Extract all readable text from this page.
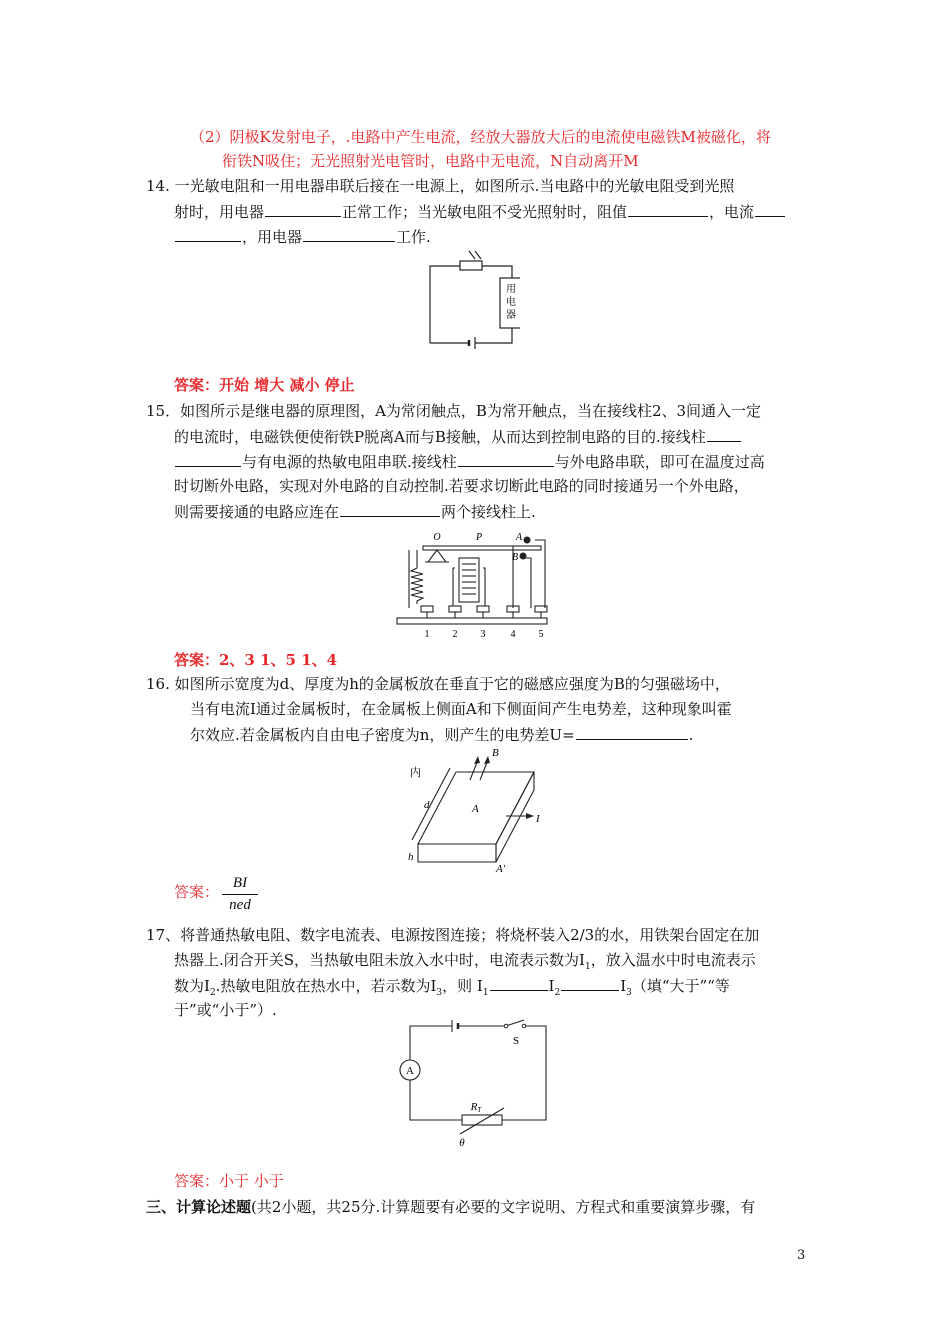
（2）阴极K发射电子，.电路中产生电流，经放大器放大后的电流使电磁铁M被磁化，将
衔铁N吸住；无光照射光电管时，电路中无电流，N自动离开M
14. 一光敏电阻和一用电器串联后接在一电源上，如图所示.当电路中的光敏电阻受到光照
射时，用电器	正常工作；当光敏电阻不受光照射时，阻值	，电流
，用电器	工作.
用
电
器
答案：开始 增大 减小 停止
15．如图所示是继电器的原理图，A为常闭触点，B为常开触点，当在接线柱2、3间通入一定
的电流时，电磁铁便使衔铁P脱离A而与B接触，从而达到控制电路的目的.接线柱
与有电源的热敏电阻串联.接线柱	与外电路串联，即可在温度过高
时切断外电路，实现对外电路的自动控制.若要求切断此电路的同时接通另一个外电路，
则需要接通的电路应连在	两个接线柱上.
O	P	A
B
1 2 3	4 5
答案：2、3 1、5 1、4
16. 如图所示宽度为d、厚度为h的金属板放在垂直于它的磁感应强度为B的匀强磁场中，
当有电流I通过金属板时，在金属板上侧面A和下侧面间产生电势差，这种现象叫霍
尔效应.若金属板内自由电子密度为n，则产生的电势差U=	.
内
B
A
d
I
h
A′
答案： BI
ned
17、将普通热敏电阻、数字电流表、电源按图连接；将烧杯装入2/3的水，用铁架台固定在加
热器上.闭合开关S，当热敏电阻未放入水中时，电流表示数为$I_1$，放入温水中时电流表示
数为$I_2$.热敏电阻放在热水中，若示数为$I_3$，则 $I_1$	$I_2$	$I_3$（填“大于”“等
于”或“小于”）.
A
S
RT
θ
答案：小于 小于
三、计算论述题(共2小题，共25分.计算题要有必要的文字说明、方程式和重要演算步骤，有
3
